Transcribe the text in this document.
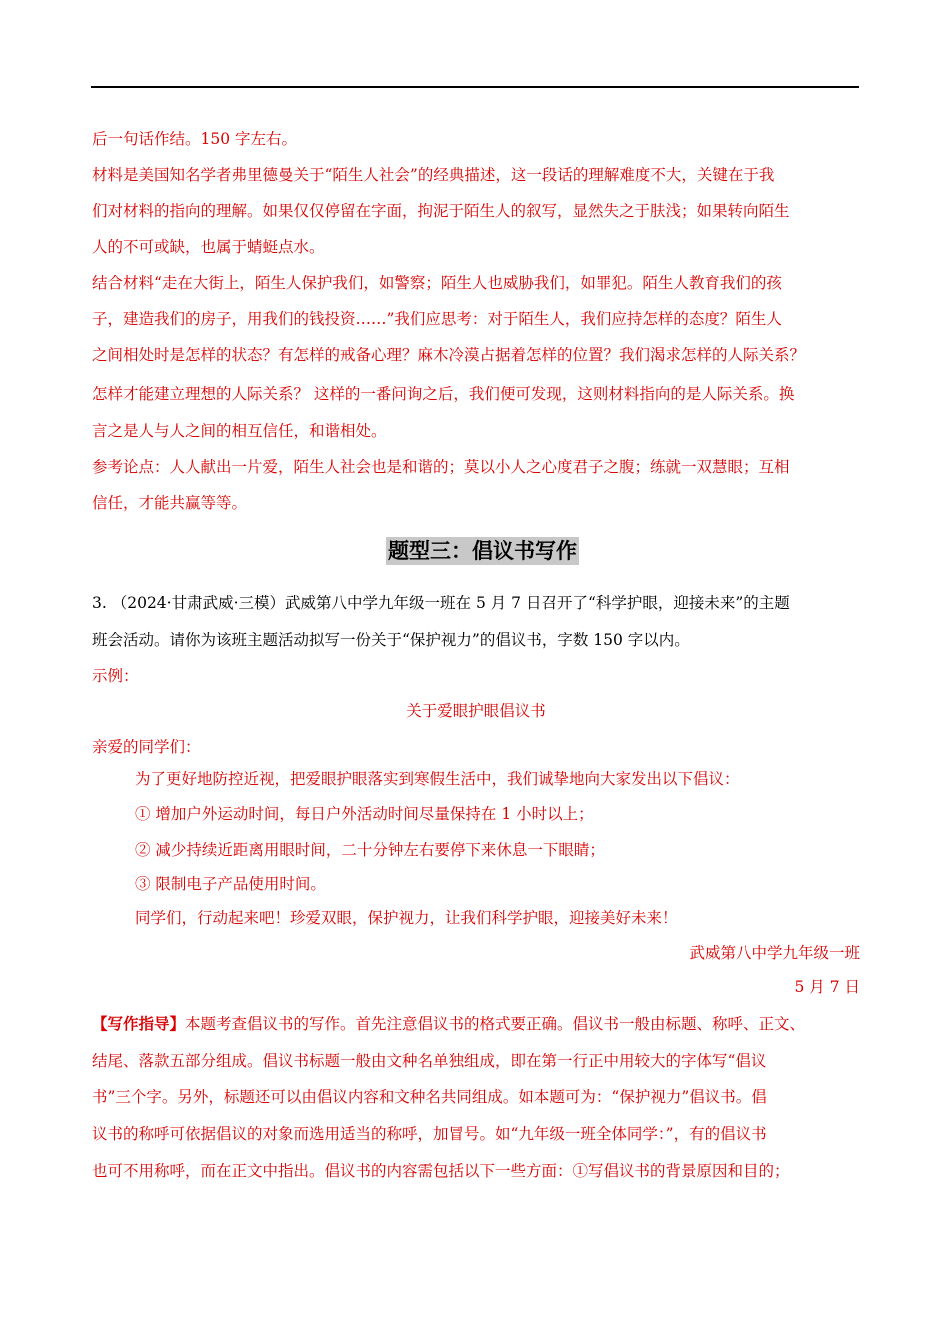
后一句话作结。150 字左右。
材料是美国知名学者弗里德曼关于“陌生人社会”的经典描述，这一段话的理解难度不大，关键在于我
们对材料的指向的理解。如果仅仅停留在字面，拘泥于陌生人的叙写，显然失之于肤浅；如果转向陌生
人的不可或缺，也属于蜻蜓点水。
结合材料“走在大街上，陌生人保护我们，如警察；陌生人也威胁我们，如罪犯。陌生人教育我们的孩
子，建造我们的房子，用我们的钱投资……”我们应思考：对于陌生人，我们应持怎样的态度？陌生人
之间相处时是怎样的状态？有怎样的戒备心理？麻木冷漠占据着怎样的位置？我们渴求怎样的人际关系？
怎样才能建立理想的人际关系？ 这样的一番问询之后，我们便可发现，这则材料指向的是人际关系。换
言之是人与人之间的相互信任，和谐相处。
参考论点：人人献出一片爱，陌生人社会也是和谐的；莫以小人之心度君子之腹；练就一双慧眼；互相
信任，才能共赢等等。
题型三：倡议书写作
3. （2024·甘肃武威·三模）武威第八中学九年级一班在 5 月 7 日召开了“科学护眼，迎接未来”的主题
班会活动。请你为该班主题活动拟写一份关于“保护视力”的倡议书，字数 150 字以内。
示例：
关于爱眼护眼倡议书
亲爱的同学们：
为了更好地防控近视，把爱眼护眼落实到寒假生活中，我们诚挚地向大家发出以下倡议：
① 增加户外运动时间，每日户外活动时间尽量保持在 1 小时以上；
② 减少持续近距离用眼时间，二十分钟左右要停下来休息一下眼睛；
③ 限制电子产品使用时间。
同学们，行动起来吧！珍爱双眼，保护视力，让我们科学护眼，迎接美好未来！
武威第八中学九年级一班
5 月 7 日
【写作指导】本题考查倡议书的写作。首先注意倡议书的格式要正确。倡议书一般由标题、称呼、正文、
结尾、落款五部分组成。倡议书标题一般由文种名单独组成，即在第一行正中用较大的字体写“倡议
书”三个字。另外，标题还可以由倡议内容和文种名共同组成。如本题可为：“保护视力”倡议书。倡
议书的称呼可依据倡议的对象而选用适当的称呼，加冒号。如“九年级一班全体同学：”，有的倡议书
也可不用称呼，而在正文中指出。倡议书的内容需包括以下一些方面：①写倡议书的背景原因和目的；
